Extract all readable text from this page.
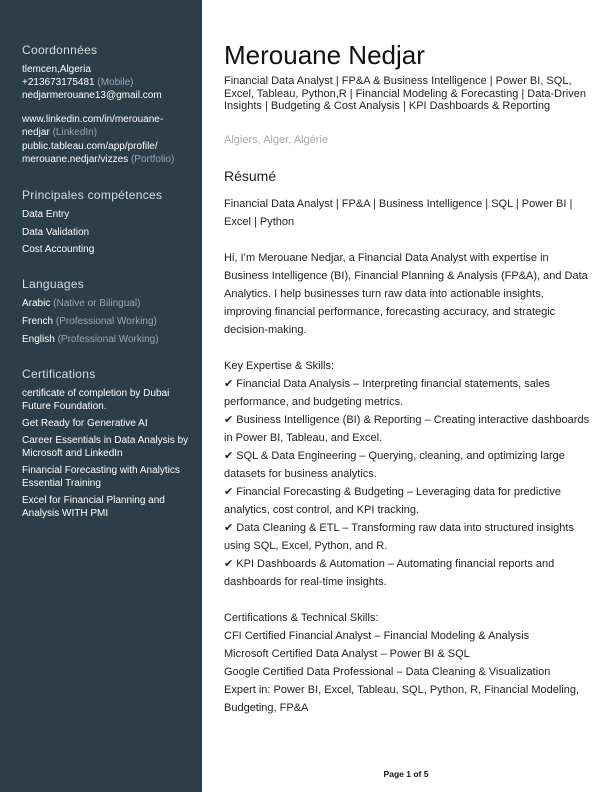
Coordonnées
tlemcen,Algeria
+213673175481 (Mobile)
nedjarmerouane13@gmail.com
www.linkedin.com/in/merouane-
nedjar (LinkedIn)
public.tableau.com/app/profile/
merouane.nedjar/vizzes (Portfolio)
Principales compétences
Data Entry
Data Validation
Cost Accounting
Languages
Arabic (Native or Bilingual)
French (Professional Working)
English (Professional Working)
Certifications
certificate of completion by Dubai Future Foundation.
Get Ready for Generative AI
Career Essentials in Data Analysis by Microsoft and LinkedIn
Financial Forecasting with Analytics Essential Training
Excel for Financial Planning and Analysis WITH PMI
Merouane Nedjar
Financial Data Analyst | FP&A & Business Intelligence | Power BI, SQL, Excel, Tableau, Python,R | Financial Modeling & Forecasting | Data-Driven Insights | Budgeting & Cost Analysis | KPI Dashboards & Reporting
Algiers, Alger, Algérie
Résumé
Financial Data Analyst | FP&A | Business Intelligence | SQL | Power BI | Excel | Python
Hi, I’m Merouane Nedjar, a Financial Data Analyst with expertise in Business Intelligence (BI), Financial Planning & Analysis (FP&A), and Data Analytics. I help businesses turn raw data into actionable insights, improving financial performance, forecasting accuracy, and strategic decision-making.
Key Expertise & Skills:
✔ Financial Data Analysis – Interpreting financial statements, sales performance, and budgeting metrics.
✔ Business Intelligence (BI) & Reporting – Creating interactive dashboards in Power BI, Tableau, and Excel.
✔ SQL & Data Engineering – Querying, cleaning, and optimizing large datasets for business analytics.
✔ Financial Forecasting & Budgeting – Leveraging data for predictive analytics, cost control, and KPI tracking.
✔ Data Cleaning & ETL – Transforming raw data into structured insights using SQL, Excel, Python, and R.
✔ KPI Dashboards & Automation – Automating financial reports and dashboards for real-time insights.
Certifications & Technical Skills:
CFI Certified Financial Analyst – Financial Modeling & Analysis
Microsoft Certified Data Analyst – Power BI & SQL
Google Certified Data Professional – Data Cleaning & Visualization
Expert in: Power BI, Excel, Tableau, SQL, Python, R, Financial Modeling, Budgeting, FP&A
Page 1 of 5
